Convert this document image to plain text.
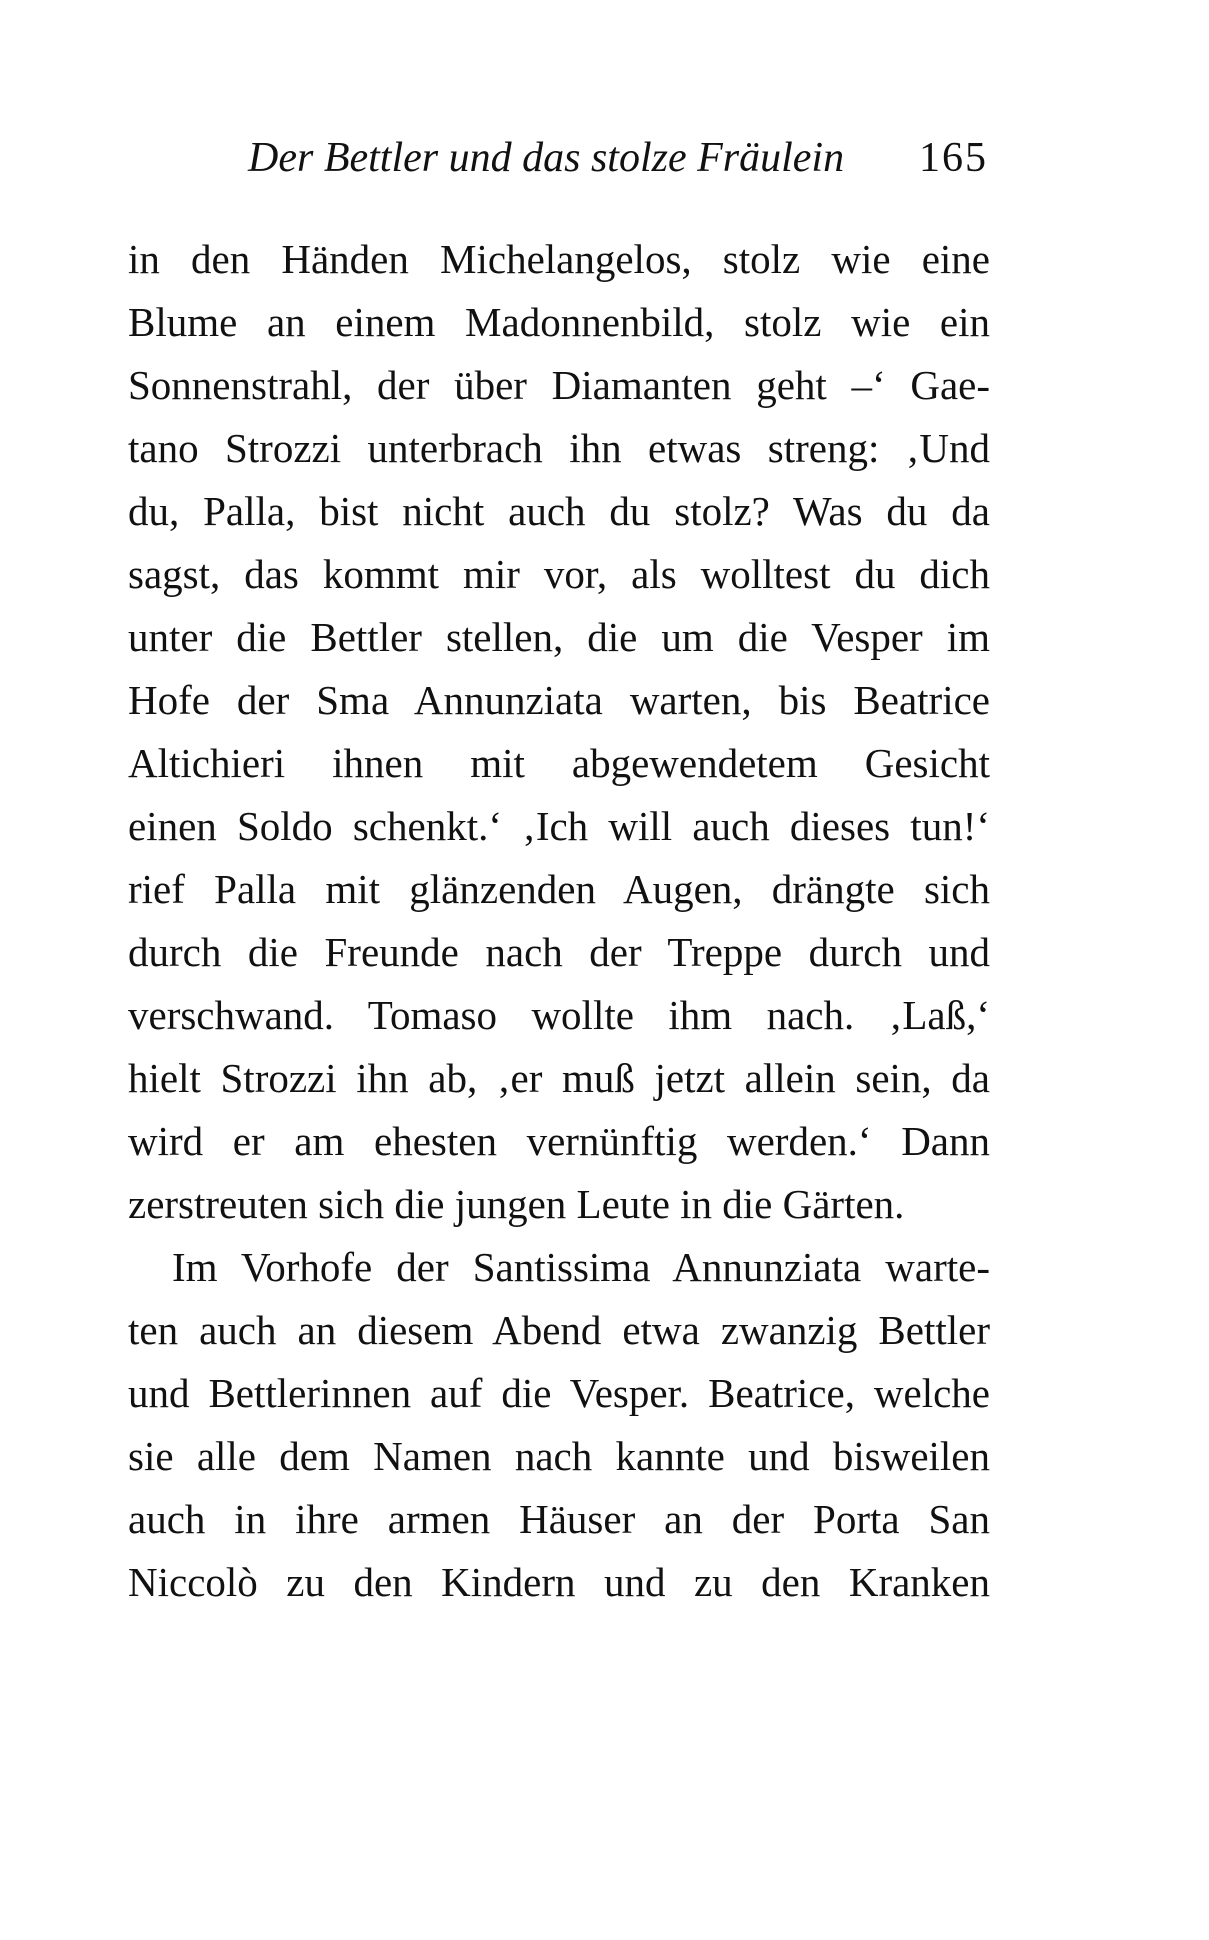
Der Bettler und das stolze Fräulein 165
in den Händen Michelangelos, stolz wie eine
Blume an einem Madonnenbild, stolz wie ein
Sonnenstrahl, der über Diamanten geht –‘ Gae-
tano Strozzi unterbrach ihn etwas streng: ‚Und
du, Palla, bist nicht auch du stolz? Was du da
sagst, das kommt mir vor, als wolltest du dich
unter die Bettler stellen, die um die Vesper im
Hofe der Sma Annunziata warten, bis Beatrice
Altichieri ihnen mit abgewendetem Gesicht
einen Soldo schenkt.‘ ‚Ich will auch dieses tun!‘
rief Palla mit glänzenden Augen, drängte sich
durch die Freunde nach der Treppe durch und
verschwand. Tomaso wollte ihm nach. ‚Laß,‘
hielt Strozzi ihn ab, ‚er muß jetzt allein sein, da
wird er am ehesten vernünftig werden.‘ Dann
zerstreuten sich die jungen Leute in die Gärten.
Im Vorhofe der Santissima Annunziata warte-
ten auch an diesem Abend etwa zwanzig Bettler
und Bettlerinnen auf die Vesper. Beatrice, welche
sie alle dem Namen nach kannte und bisweilen
auch in ihre armen Häuser an der Porta San
Niccolò zu den Kindern und zu den Kranken
